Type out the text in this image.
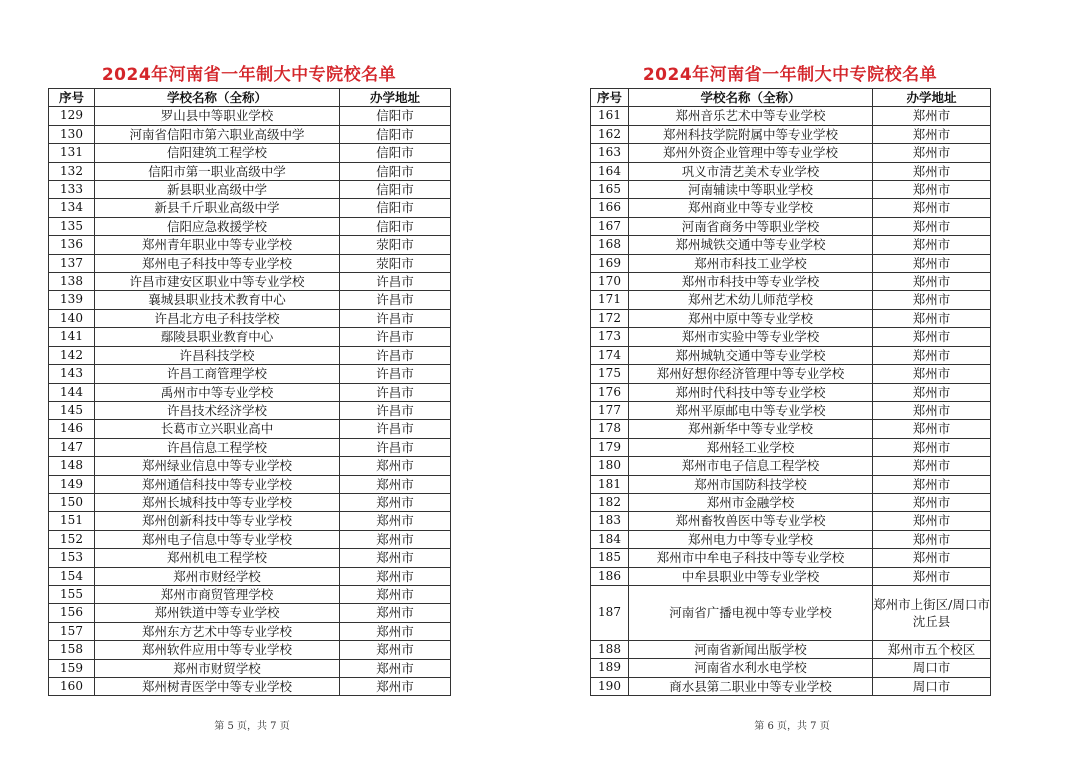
2024年河南省一年制大中专院校名单
序号	学校名称（全称）	办学地址
129	罗山县中等职业学校	信阳市
130	河南省信阳市第六职业高级中学	信阳市
131	信阳建筑工程学校	信阳市
132	信阳市第一职业高级中学	信阳市
133	新县职业高级中学	信阳市
134	新县千斤职业高级中学	信阳市
135	信阳应急救援学校	信阳市
136	郑州青年职业中等专业学校	荥阳市
137	郑州电子科技中等专业学校	荥阳市
138	许昌市建安区职业中等专业学校	许昌市
139	襄城县职业技术教育中心	许昌市
140	许昌北方电子科技学校	许昌市
141	鄢陵县职业教育中心	许昌市
142	许昌科技学校	许昌市
143	许昌工商管理学校	许昌市
144	禹州市中等专业学校	许昌市
145	许昌技术经济学校	许昌市
146	长葛市立兴职业高中	许昌市
147	许昌信息工程学校	许昌市
148	郑州绿业信息中等专业学校	郑州市
149	郑州通信科技中等专业学校	郑州市
150	郑州长城科技中等专业学校	郑州市
151	郑州创新科技中等专业学校	郑州市
152	郑州电子信息中等专业学校	郑州市
153	郑州机电工程学校	郑州市
154	郑州市财经学校	郑州市
155	郑州市商贸管理学校	郑州市
156	郑州铁道中等专业学校	郑州市
157	郑州东方艺术中等专业学校	郑州市
158	郑州软件应用中等专业学校	郑州市
159	郑州市财贸学校	郑州市
160	郑州树青医学中等专业学校	郑州市
2024年河南省一年制大中专院校名单
序号	学校名称（全称）	办学地址
161	郑州音乐艺术中等专业学校	郑州市
162	郑州科技学院附属中等专业学校	郑州市
163	郑州外资企业管理中等专业学校	郑州市
164	巩义市清艺美术专业学校	郑州市
165	河南辅读中等职业学校	郑州市
166	郑州商业中等专业学校	郑州市
167	河南省商务中等职业学校	郑州市
168	郑州城铁交通中等专业学校	郑州市
169	郑州市科技工业学校	郑州市
170	郑州市科技中等专业学校	郑州市
171	郑州艺术幼儿师范学校	郑州市
172	郑州中原中等专业学校	郑州市
173	郑州市实验中等专业学校	郑州市
174	郑州城轨交通中等专业学校	郑州市
175	郑州好想你经济管理中等专业学校	郑州市
176	郑州时代科技中等专业学校	郑州市
177	郑州平原邮电中等专业学校	郑州市
178	郑州新华中等专业学校	郑州市
179	郑州轻工业学校	郑州市
180	郑州市电子信息工程学校	郑州市
181	郑州市国防科技学校	郑州市
182	郑州市金融学校	郑州市
183	郑州畜牧兽医中等专业学校	郑州市
184	郑州电力中等专业学校	郑州市
185	郑州市中牟电子科技中等专业学校	郑州市
186	中牟县职业中等专业学校	郑州市
187	河南省广播电视中等专业学校	郑州市上街区/周口市沈丘县
188	河南省新闻出版学校	郑州市五个校区
189	河南省水利水电学校	周口市
190	商水县第二职业中等专业学校	周口市
第 5 页，共 7 页	第 6 页，共 7 页
